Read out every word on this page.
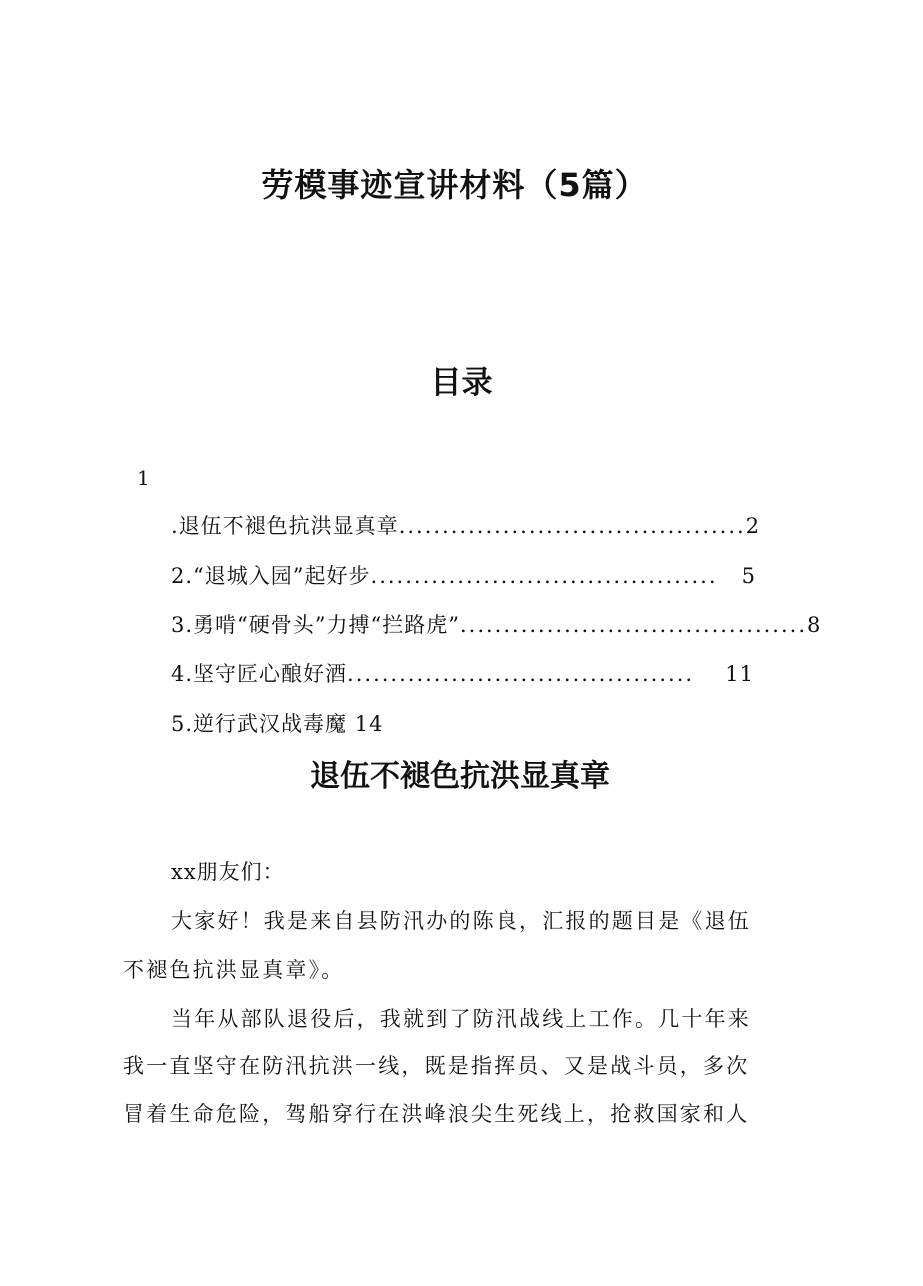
劳模事迹宣讲材料（5篇）
目录
1
.退伍不褪色抗洪显真章 ........................................ 2
2.“退城入园”起好步 ........................................	5
3.勇啃“硬骨头”力搏“拦路虎” ........................................ 8
4.坚守匠心酿好酒 ........................................	11
5.逆行武汉战毒魔 14
退伍不褪色抗洪显真章
xx朋友们：
大家好！我是来自县防汛办的陈良，汇报的题目是《退伍
不褪色抗洪显真章》。
当年从部队退役后，我就到了防汛战线上工作。几十年来
我一直坚守在防汛抗洪一线，既是指挥员、又是战斗员，多次
冒着生命危险，驾船穿行在洪峰浪尖生死线上，抢救国家和人
